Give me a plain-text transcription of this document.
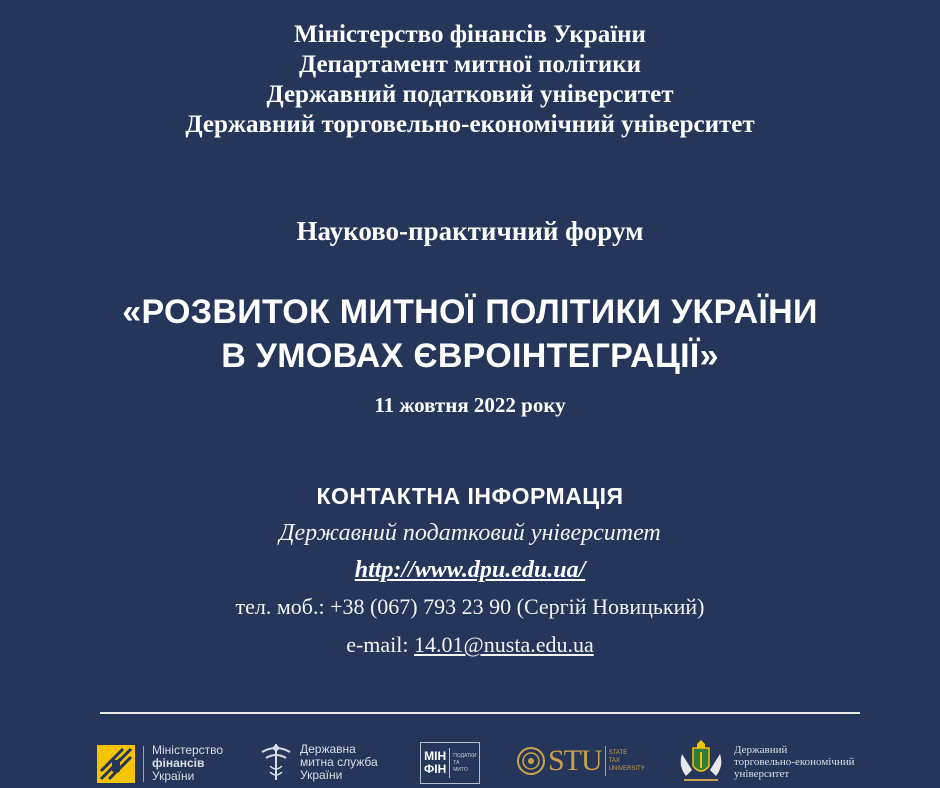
Міністерство фінансів України
Департамент митної політики
Державний податковий університет
Державний торговельно-економічний університет
Науково-практичний форум
«РОЗВИТОК МИТНОЇ ПОЛІТИКИ УКРАЇНИ
В УМОВАХ ЄВРОІНТЕГРАЦІЇ»
11 жовтня 2022 року
КОНТАКТНА ІНФОРМАЦІЯ
Державний податковий університет
http://www.dpu.edu.ua/
тел. моб.: +38 (067) 793 23 90 (Сергій Новицький)
e-mail: 14.01@nusta.edu.ua
Міністерство
фінансів
України
Державна
митна служба
України
МІН
ФІН
ПОДАТКИ
ТА
МИТО	STU STATE
TAX
UNIVERSITY
Державний
торговельно-економічний
університет
